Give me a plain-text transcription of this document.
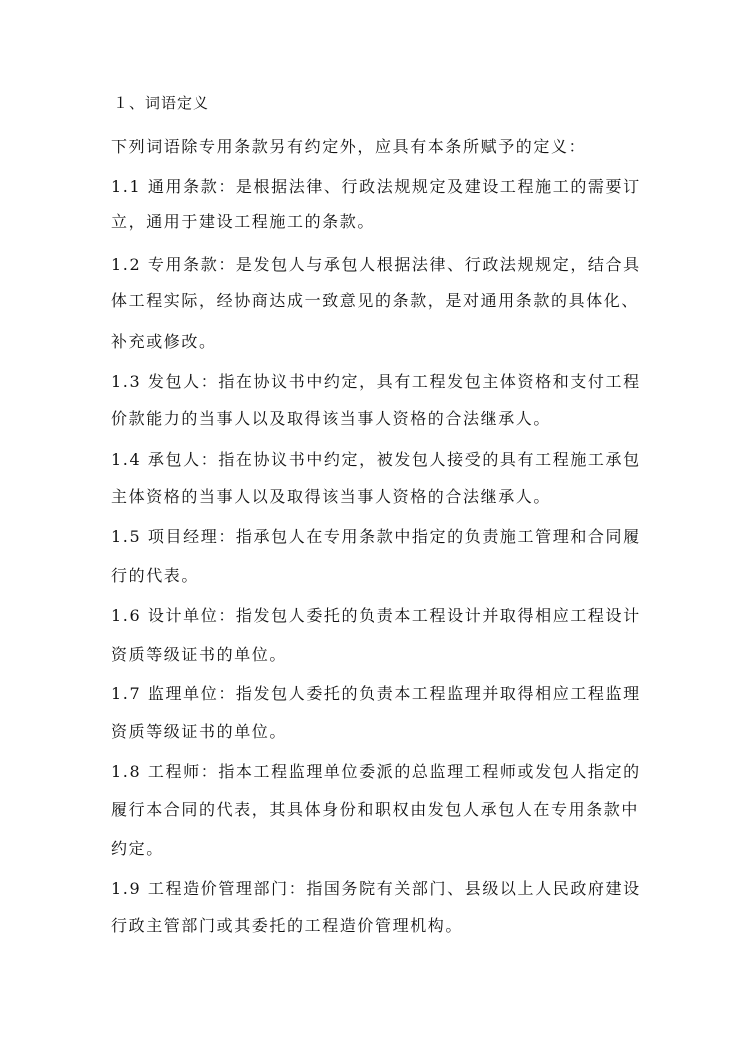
１、词语定义
下列词语除专用条款另有约定外，应具有本条所赋予的定义：
1.1 通用条款：是根据法律、行政法规规定及建设工程施工的需要订
立，通用于建设工程施工的条款。
1.2 专用条款：是发包人与承包人根据法律、行政法规规定，结合具
体工程实际，经协商达成一致意见的条款，是对通用条款的具体化、
补充或修改。
1.3 发包人：指在协议书中约定，具有工程发包主体资格和支付工程
价款能力的当事人以及取得该当事人资格的合法继承人。
1.4 承包人：指在协议书中约定，被发包人接受的具有工程施工承包
主体资格的当事人以及取得该当事人资格的合法继承人。
1.5 项目经理：指承包人在专用条款中指定的负责施工管理和合同履
行的代表。
1.6 设计单位：指发包人委托的负责本工程设计并取得相应工程设计
资质等级证书的单位。
1.7 监理单位：指发包人委托的负责本工程监理并取得相应工程监理
资质等级证书的单位。
1.8 工程师：指本工程监理单位委派的总监理工程师或发包人指定的
履行本合同的代表，其具体身份和职权由发包人承包人在专用条款中
约定。
1.9 工程造价管理部门：指国务院有关部门、县级以上人民政府建设
行政主管部门或其委托的工程造价管理机构。
